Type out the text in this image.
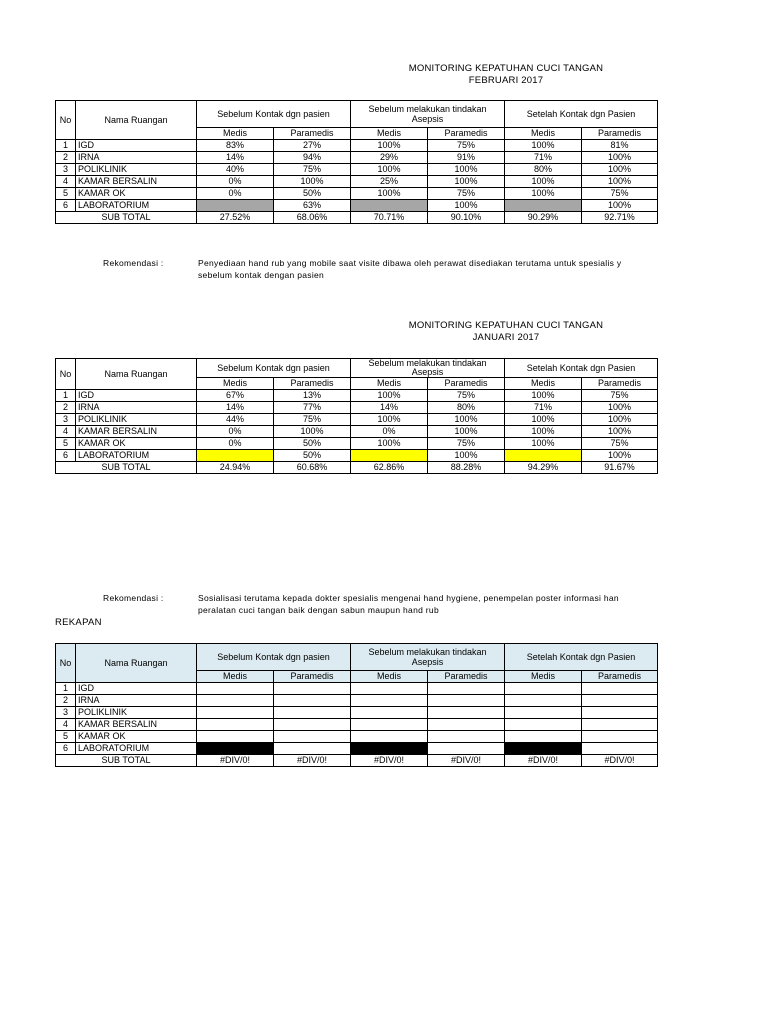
MONITORING KEPATUHAN CUCI TANGAN
FEBRUARI 2017
No	Nama Ruangan	Sebelum Kontak dgn pasien		Sebelum melakukan tindakan Asepsis		Setelah Kontak dgn Pasien	
		Medis	Paramedis	Medis	Paramedis	Medis	Paramedis
1	IGD	83%	27%	100%	75%	100%	81%
2	IRNA	14%	94%	29%	91%	71%	100%
3	POLIKLINIK	40%	75%	100%	100%	80%	100%
4	KAMAR BERSALIN	0%	100%	25%	100%	100%	100%
5	KAMAR OK	0%	50%	100%	75%	100%	75%
6	LABORATORIUM		63%		100%		100%
SUB TOTAL		27.52%	68.06%	70.71%	90.10%	90.29%	92.71%
Rekomendasi :	Penyediaan hand rub yang mobile saat visite dibawa oleh perawat disediakan terutama untuk spesialis y
sebelum kontak dengan pasien
MONITORING KEPATUHAN CUCI TANGAN
JANUARI 2017
No	Nama Ruangan	Sebelum Kontak dgn pasien		Sebelum melakukan tindakan Asepsis		Setelah Kontak dgn Pasien	
		Medis	Paramedis	Medis	Paramedis	Medis	Paramedis
1	IGD	67%	13%	100%	75%	100%	75%
2	IRNA	14%	77%	14%	80%	71%	100%
3	POLIKLINIK	44%	75%	100%	100%	100%	100%
4	KAMAR BERSALIN	0%	100%	0%	100%	100%	100%
5	KAMAR OK	0%	50%	100%	75%	100%	75%
6	LABORATORIUM		50%		100%		100%
SUB TOTAL		24.94%	60.68%	62.86%	88.28%	94.29%	91.67%
Rekomendasi :	Sosialisasi terutama kepada dokter spesialis mengenai hand hygiene, penempelan poster informasi han
peralatan cuci tangan baik dengan sabun maupun hand rub
REKAPAN
No	Nama Ruangan	Sebelum Kontak dgn pasien		Sebelum melakukan tindakan Asepsis		Setelah Kontak dgn Pasien	
		Medis	Paramedis	Medis	Paramedis	Medis	Paramedis
1	IGD						
2	IRNA						
3	POLIKLINIK						
4	KAMAR BERSALIN						
5	KAMAR OK						
6	LABORATORIUM						
SUB TOTAL		#DIV/0!	#DIV/0!	#DIV/0!	#DIV/0!	#DIV/0!	#DIV/0!
